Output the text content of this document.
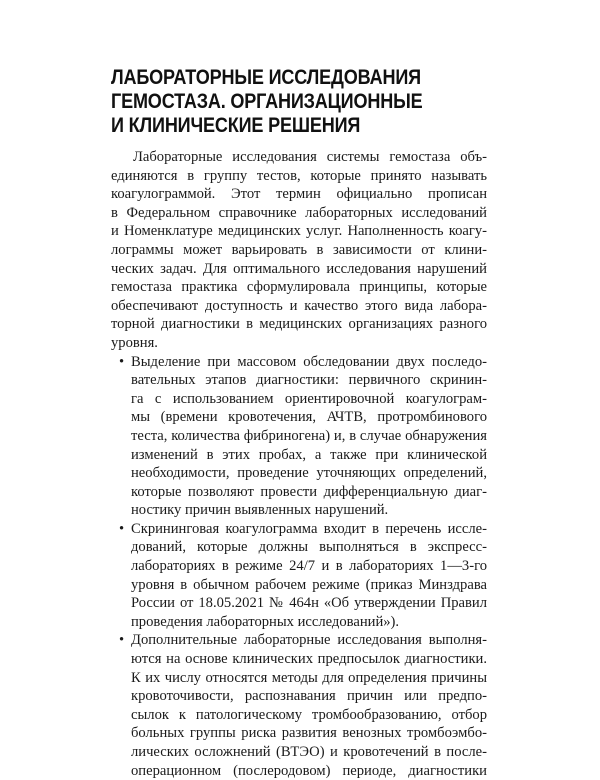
ЛАБОРАТОРНЫЕ ИССЛЕДОВАНИЯ
ГЕМОСТАЗА. ОРГАНИЗАЦИОННЫЕ
И КЛИНИЧЕСКИЕ РЕШЕНИЯ
Лабораторные исследования системы гемостаза объ-
единяются в группу тестов, которые принято называть
коагулограммой. Этот термин официально прописан
в Федеральном справочнике лабораторных исследований
и Номенклатуре медицинских услуг. Наполненность коагу-
лограммы может варьировать в зависимости от клини-
ческих задач. Для оптимального исследования нарушений
гемостаза практика сформулировала принципы, которые
обеспечивают доступность и качество этого вида лабора-
торной диагностики в медицинских организациях разного
уровня.
• Выделение при массовом обследовании двух последо-
вательных этапов диагностики: первичного скринин-
га с использованием ориентировочной коагулограм-
мы (времени кровотечения, АЧТВ, протромбинового
теста, количества фибриногена) и, в случае обнаружения
изменений в этих пробах, а также при клинической
необходимости, проведение уточняющих определений,
которые позволяют провести дифференциальную диаг-
ностику причин выявленных нарушений.
• Скрининговая коагулограмма входит в перечень иссле-
дований, которые должны выполняться в экспресс-
лабораториях в режиме 24/7 и в лабораториях 1—3-го
уровня в обычном рабочем режиме (приказ Минздрава
России от 18.05.2021 № 464н «Об утверждении Правил
проведения лабораторных исследований»).
• Дополнительные лабораторные исследования выполня-
ются на основе клинических предпосылок диагностики.
К их числу относятся методы для определения причины
кровоточивости, распознавания причин или предпо-
сылок к патологическому тромбообразованию, отбор
больных группы риска развития венозных тромбоэмбо-
лических осложнений (ВТЭО) и кровотечений в после-
операционном (послеродовом) периоде, диагностики
